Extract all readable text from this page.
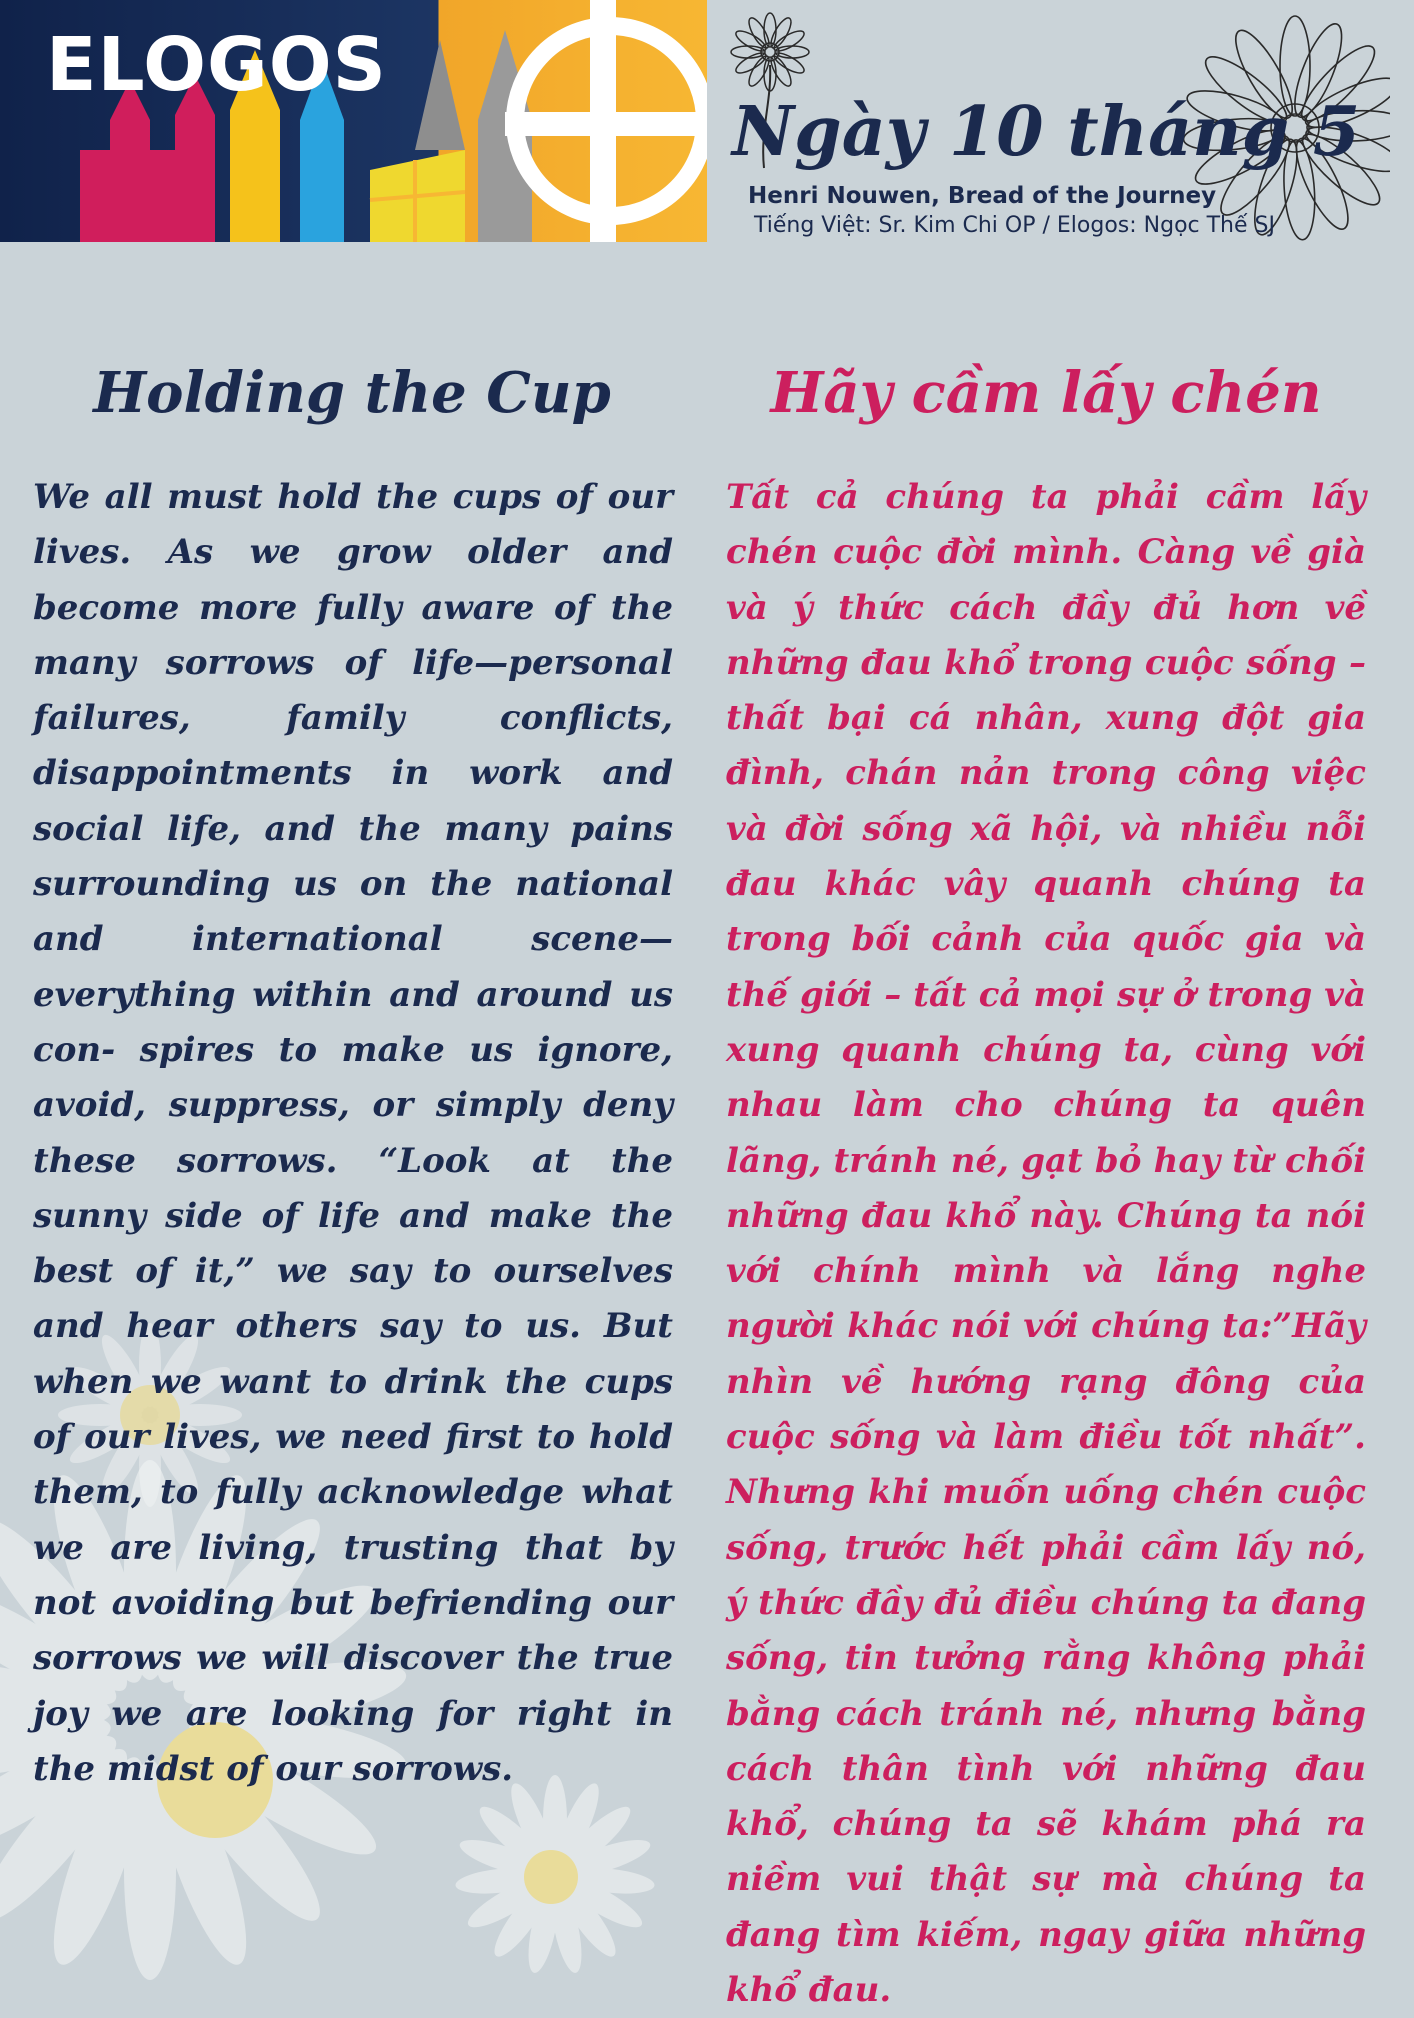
ELOGOS
Ngày 10 tháng 5
Henri Nouwen, Bread of the Journey
Tiếng Việt: Sr. Kim Chi OP / Elogos: Ngọc Thế SJ
Holding the Cup

We all must hold the cups of our lives. As we grow older and become more fully aware of the many sorrows of life—personal failures, family conflicts, disappointments in work and social life, and the many pains surrounding us on the national and international scene—everything within and around us con- spires to make us ignore, avoid, suppress, or simply deny these sorrows. “Look at the sunny side of life and make the best of it,” we say to ourselves and hear others say to us. But when we want to drink the cups of our lives, we need first to hold them, to fully acknowledge what we are living, trusting that by not avoiding but befriending our sorrows we will discover the true joy we are looking for right in the midst of our sorrows.

Hãy cầm lấy chén

Tất cả chúng ta phải cầm lấy chén cuộc đời mình. Càng về già và ý thức cách đầy đủ hơn về những đau khổ trong cuộc sống – thất bại cá nhân, xung đột gia đình, chán nản trong công việc và đời sống xã hội, và nhiều nỗi đau khác vây quanh chúng ta trong bối cảnh của quốc gia và thế giới – tất cả mọi sự ở trong và xung quanh chúng ta, cùng với nhau làm cho chúng ta quên lãng, tránh né, gạt bỏ hay từ chối những đau khổ này. Chúng ta nói với chính mình và lắng nghe người khác nói với chúng ta:”Hãy nhìn về hướng rạng đông của cuộc sống và làm điều tốt nhất”. Nhưng khi muốn uống chén cuộc sống, trước hết phải cầm lấy nó, ý thức đầy đủ điều chúng ta đang sống, tin tưởng rằng không phải bằng cách tránh né, nhưng bằng cách thân tình với những đau khổ, chúng ta sẽ khám phá ra niềm vui thật sự mà chúng ta đang tìm kiếm, ngay giữa những khổ đau.
